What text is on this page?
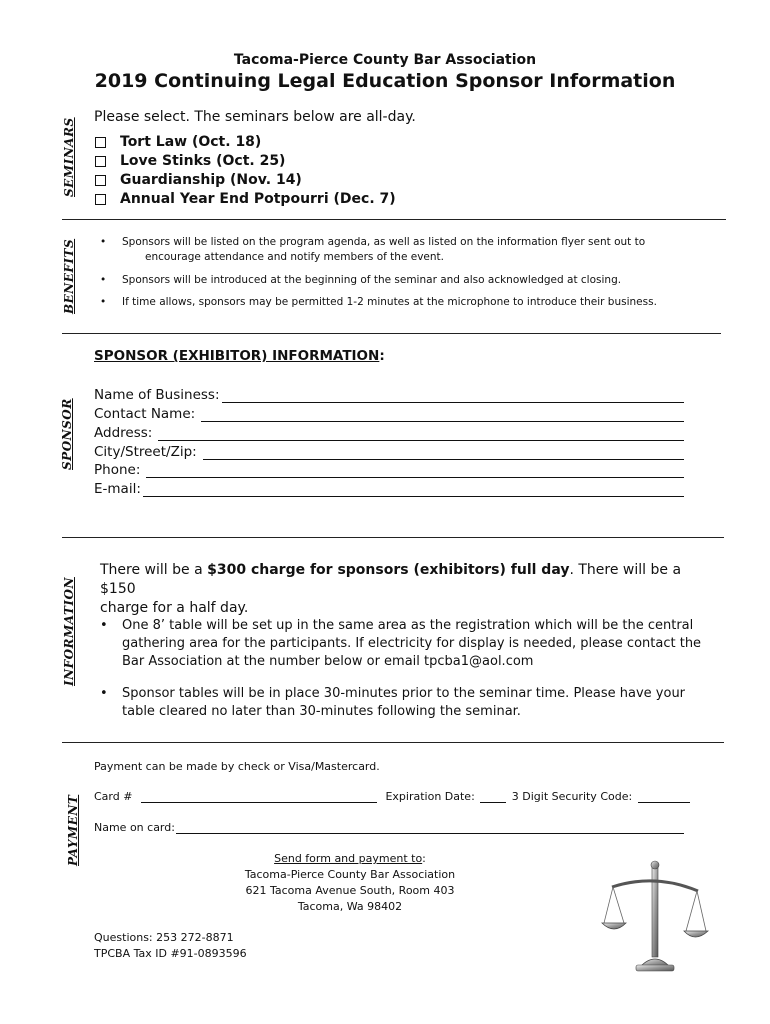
Tacoma-Pierce County Bar Association
2019 Continuing Legal Education Sponsor Information
SEMINARS
Please select. The seminars below are all-day.
Tort Law (Oct. 18)
Love Stinks (Oct. 25)
Guardianship (Nov. 14)
Annual Year End Potpourri (Dec. 7)
BENEFITS • Sponsors will be listed on the program agenda, as well as listed on the information flyer sent out to
encourage attendance and notify members of the event.
• Sponsors will be introduced at the beginning of the seminar and also acknowledged at closing.
• If time allows, sponsors may be permitted 1-2 minutes at the microphone to introduce their business.
SPONSOR
SPONSOR (EXHIBITOR) INFORMATION:
Name of Business:
Contact Name:
Address:
City/Street/Zip:
Phone:
E-mail:
INFORMATION
There will be a $300 charge for sponsors (exhibitors) full day. There will be a $150
charge for a half day.
• One 8’ table will be set up in the same area as the registration which will be the central gathering area for the participants. If electricity for display is needed, please contact the Bar Association at the number below or email tpcba1@aol.com
• Sponsor tables will be in place 30-minutes prior to the seminar time. Please have your table cleared no later than 30-minutes following the seminar.
PAYMENT
Payment can be made by check or Visa/Mastercard.
Card #	Expiration Date:	3 Digit Security Code:
Name on card:
Send form and payment to:
Tacoma-Pierce County Bar Association
621 Tacoma Avenue South, Room 403
Tacoma, Wa 98402
Questions: 253 272-8871
TPCBA Tax ID #91-0893596
